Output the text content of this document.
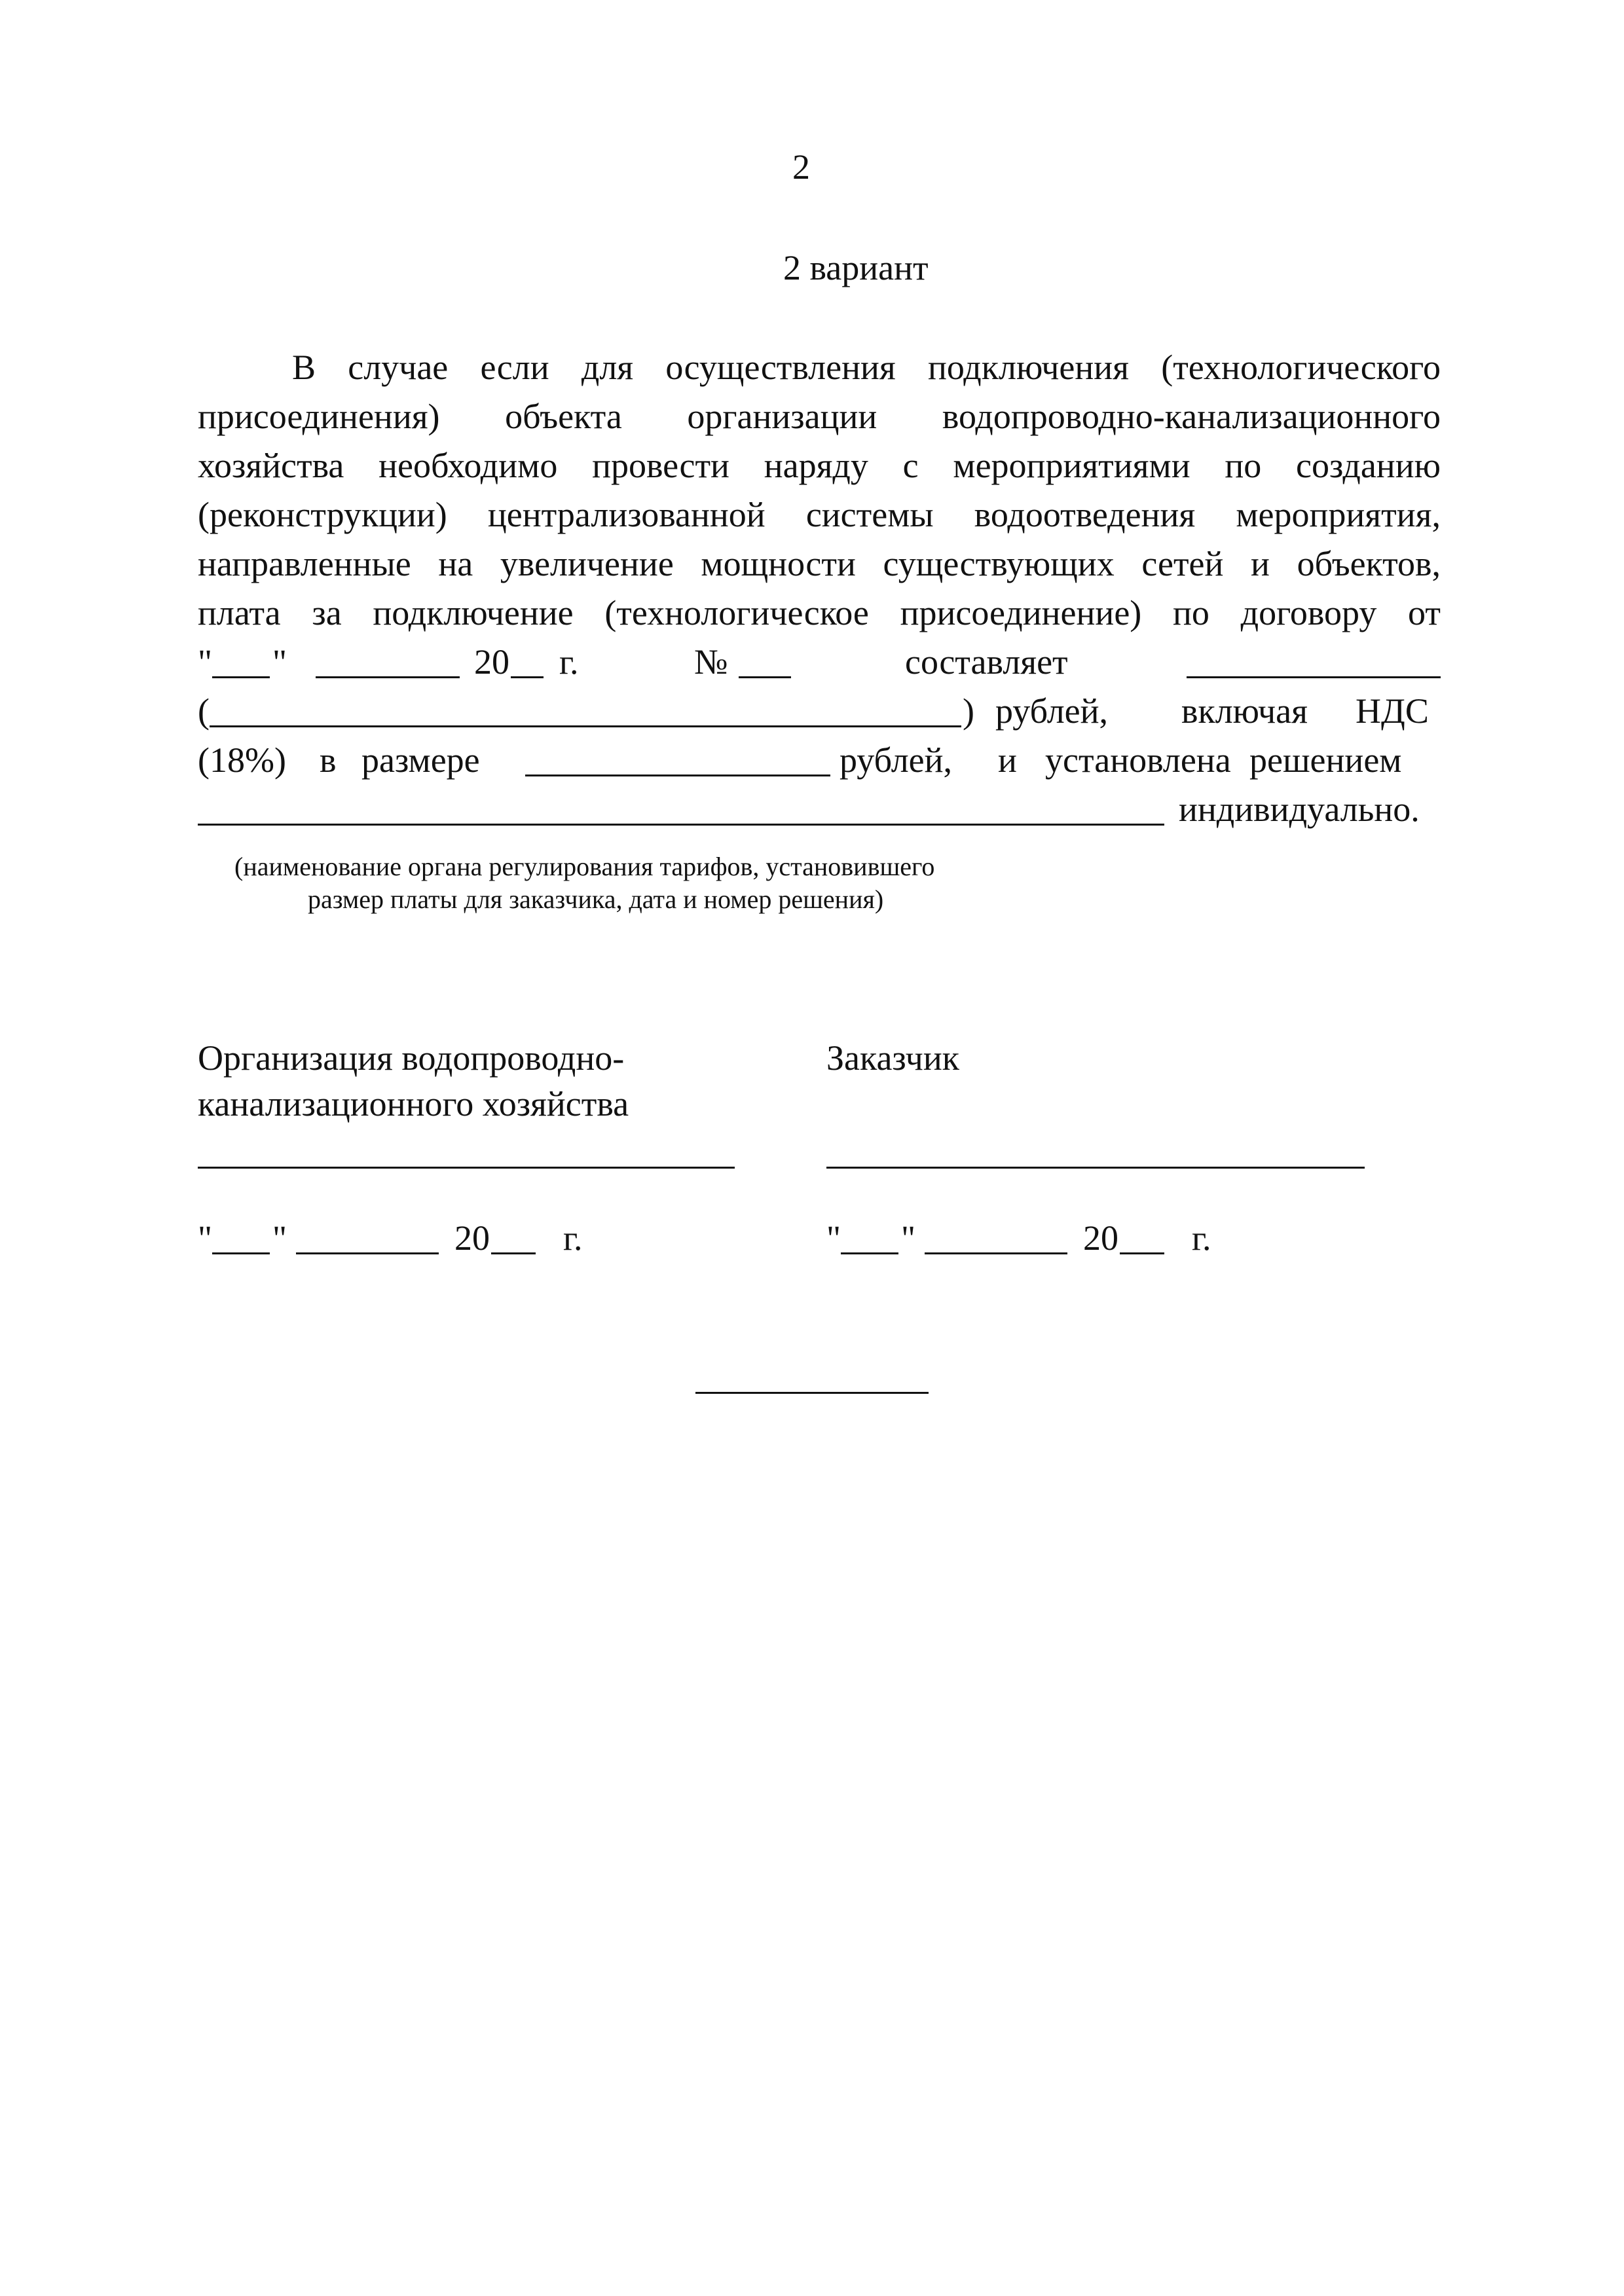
2
2 вариант
В случае если для осуществления подключения (технологического
присоединения) объекта организации водопроводно-канализационного
хозяйства необходимо провести наряду с мероприятиями по созданию
(реконструкции) централизованной системы водоотведения мероприятия,
направленные на увеличение мощности существующих сетей и объектов,
плата за подключение (технологическое присоединение) по договору от
" "	20 г.	№	составляет
(	) рублей, включая НДС
(18%) в размере	рублей, и установлена решением
индивидуально.
(наименование органа регулирования тарифов, установившего
размер платы для заказчика, дата и номер решения)
Организация водопроводно-
канализационного хозяйства
Заказчик
" "	20 г.	" "	20 г.
